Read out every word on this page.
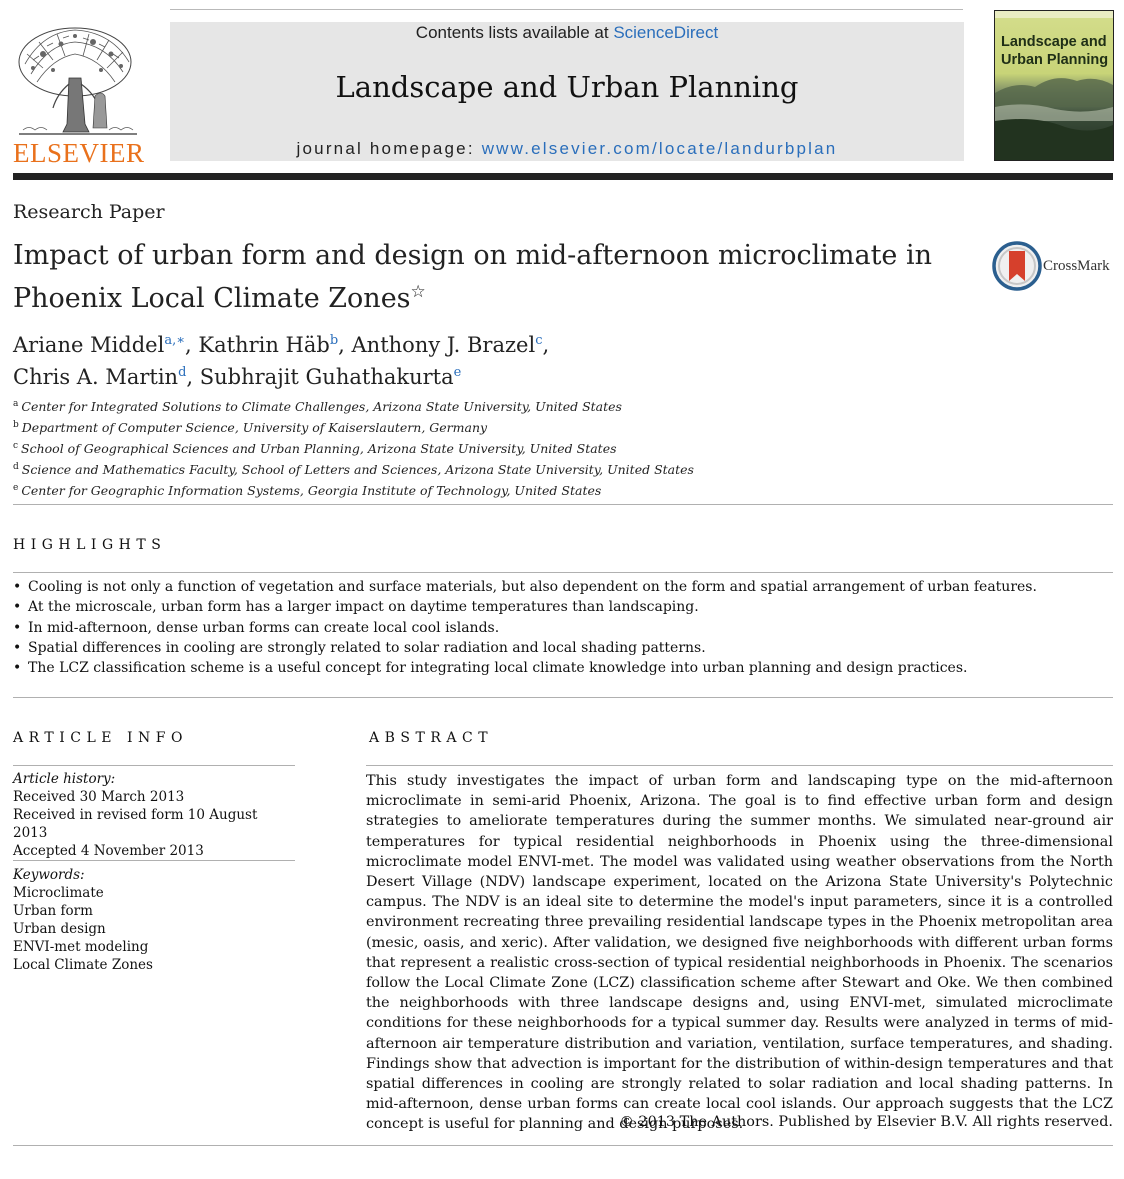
ELSEVIER
Contents lists available at ScienceDirect
Landscape and Urban Planning
journal homepage: www.elsevier.com/locate/landurbplan
Landscape and Urban Planning
Research Paper
Impact of urban form and design on mid-afternoon microclimate in Phoenix Local Climate Zones☆
CrossMark
Ariane Middel$^{a,∗}$, Kathrin Häb$^b$, Anthony J. Brazel$^c$,
Chris A. Martin$^d$, Subhrajit Guhathakurta$^e$
$^a$ Center for Integrated Solutions to Climate Challenges, Arizona State University, United States
$^b$ Department of Computer Science, University of Kaiserslautern, Germany
$^c$ School of Geographical Sciences and Urban Planning, Arizona State University, United States
$^d$ Science and Mathematics Faculty, School of Letters and Sciences, Arizona State University, United States
$^e$ Center for Geographic Information Systems, Georgia Institute of Technology, United States
HIGHLIGHTS
• Cooling is not only a function of vegetation and surface materials, but also dependent on the form and spatial arrangement of urban features.
• At the microscale, urban form has a larger impact on daytime temperatures than landscaping.
• In mid-afternoon, dense urban forms can create local cool islands.
• Spatial differences in cooling are strongly related to solar radiation and local shading patterns.
• The LCZ classification scheme is a useful concept for integrating local climate knowledge into urban planning and design practices.
ARTICLE INFO
Article history:
Received 30 March 2013
Received in revised form 10 August 2013
Accepted 4 November 2013
Keywords:
Microclimate
Urban form
Urban design
ENVI-met modeling
Local Climate Zones
ABSTRACT
This study investigates the impact of urban form and landscaping type on the mid-afternoon microclimate in semi-arid Phoenix, Arizona. The goal is to find effective urban form and design strategies to ameliorate temperatures during the summer months. We simulated near-ground air temperatures for typical residential neighborhoods in Phoenix using the three-dimensional microclimate model ENVI-met. The model was validated using weather observations from the North Desert Village (NDV) landscape experiment, located on the Arizona State University's Polytechnic campus. The NDV is an ideal site to determine the model's input parameters, since it is a controlled environment recreating three prevailing residential landscape types in the Phoenix metropolitan area (mesic, oasis, and xeric). After validation, we designed five neighborhoods with different urban forms that represent a realistic cross-section of typical residential neighborhoods in Phoenix. The scenarios follow the Local Climate Zone (LCZ) classification scheme after Stewart and Oke. We then combined the neighborhoods with three landscape designs and, using ENVI-met, simulated microclimate conditions for these neighborhoods for a typical summer day. Results were analyzed in terms of mid-afternoon air temperature distribution and variation, ventilation, surface temperatures, and shading. Findings show that advection is important for the distribution of within-design temperatures and that spatial differences in cooling are strongly related to solar radiation and local shading patterns. In mid-afternoon, dense urban forms can create local cool islands. Our approach suggests that the LCZ concept is useful for planning and design purposes.
© 2013 The Authors. Published by Elsevier B.V. All rights reserved.
